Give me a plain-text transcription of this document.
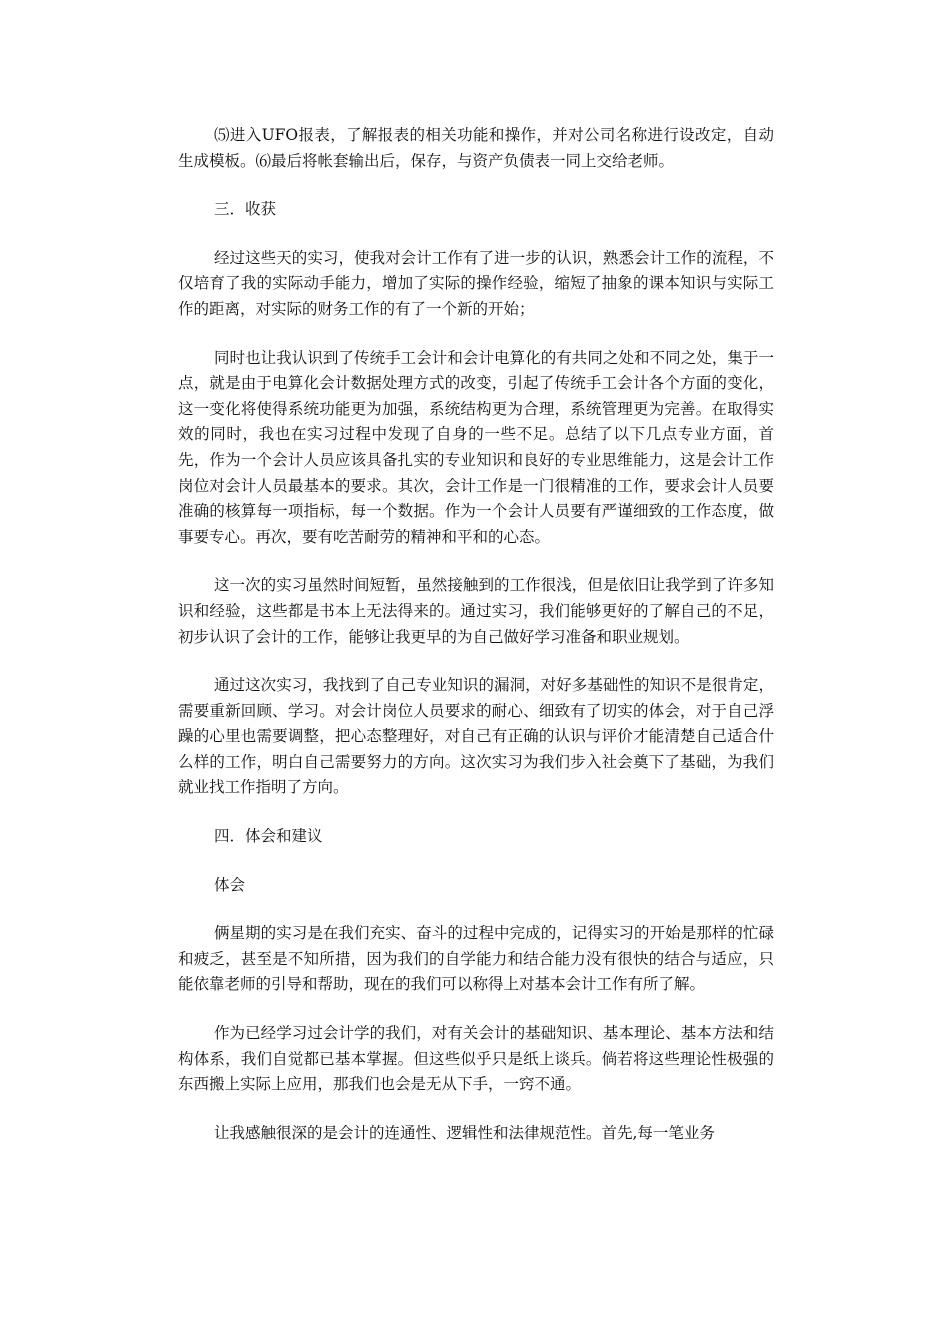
⑸进入UFO报表，了解报表的相关功能和操作，并对公司名称进行设改定，自动生成模板。⑹最后将帐套输出后，保存，与资产负债表一同上交给老师。

三．收获

经过这些天的实习，使我对会计工作有了进一步的认识，熟悉会计工作的流程，不仅培育了我的实际动手能力，增加了实际的操作经验，缩短了抽象的课本知识与实际工作的距离，对实际的财务工作的有了一个新的开始；

同时也让我认识到了传统手工会计和会计电算化的有共同之处和不同之处，集于一点，就是由于电算化会计数据处理方式的改变，引起了传统手工会计各个方面的变化，这一变化将使得系统功能更为加强，系统结构更为合理，系统管理更为完善。在取得实效的同时，我也在实习过程中发现了自身的一些不足。总结了以下几点专业方面，首先，作为一个会计人员应该具备扎实的专业知识和良好的专业思维能力，这是会计工作岗位对会计人员最基本的要求。其次，会计工作是一门很精准的工作，要求会计人员要准确的核算每一项指标，每一个数据。作为一个会计人员要有严谨细致的工作态度，做事要专心。再次，要有吃苦耐劳的精神和平和的心态。

这一次的实习虽然时间短暂，虽然接触到的工作很浅，但是依旧让我学到了许多知识和经验，这些都是书本上无法得来的。通过实习，我们能够更好的了解自己的不足，初步认识了会计的工作，能够让我更早的为自己做好学习准备和职业规划。

通过这次实习，我找到了自己专业知识的漏洞，对好多基础性的知识不是很肯定，需要重新回顾、学习。对会计岗位人员要求的耐心、细致有了切实的体会，对于自己浮躁的心里也需要调整，把心态整理好，对自己有正确的认识与评价才能清楚自己适合什么样的工作，明白自己需要努力的方向。这次实习为我们步入社会奠下了基础，为我们就业找工作指明了方向。

四．体会和建议

体会

俩星期的实习是在我们充实、奋斗的过程中完成的，记得实习的开始是那样的忙碌和疲乏，甚至是不知所措，因为我们的自学能力和结合能力没有很快的结合与适应，只能依靠老师的引导和帮助，现在的我们可以称得上对基本会计工作有所了解。

作为已经学习过会计学的我们，对有关会计的基础知识、基本理论、基本方法和结构体系，我们自觉都已基本掌握。但这些似乎只是纸上谈兵。倘若将这些理论性极强的东西搬上实际上应用，那我们也会是无从下手，一窍不通。

让我感触很深的是会计的连通性、逻辑性和法律规范性。首先,每一笔业务
